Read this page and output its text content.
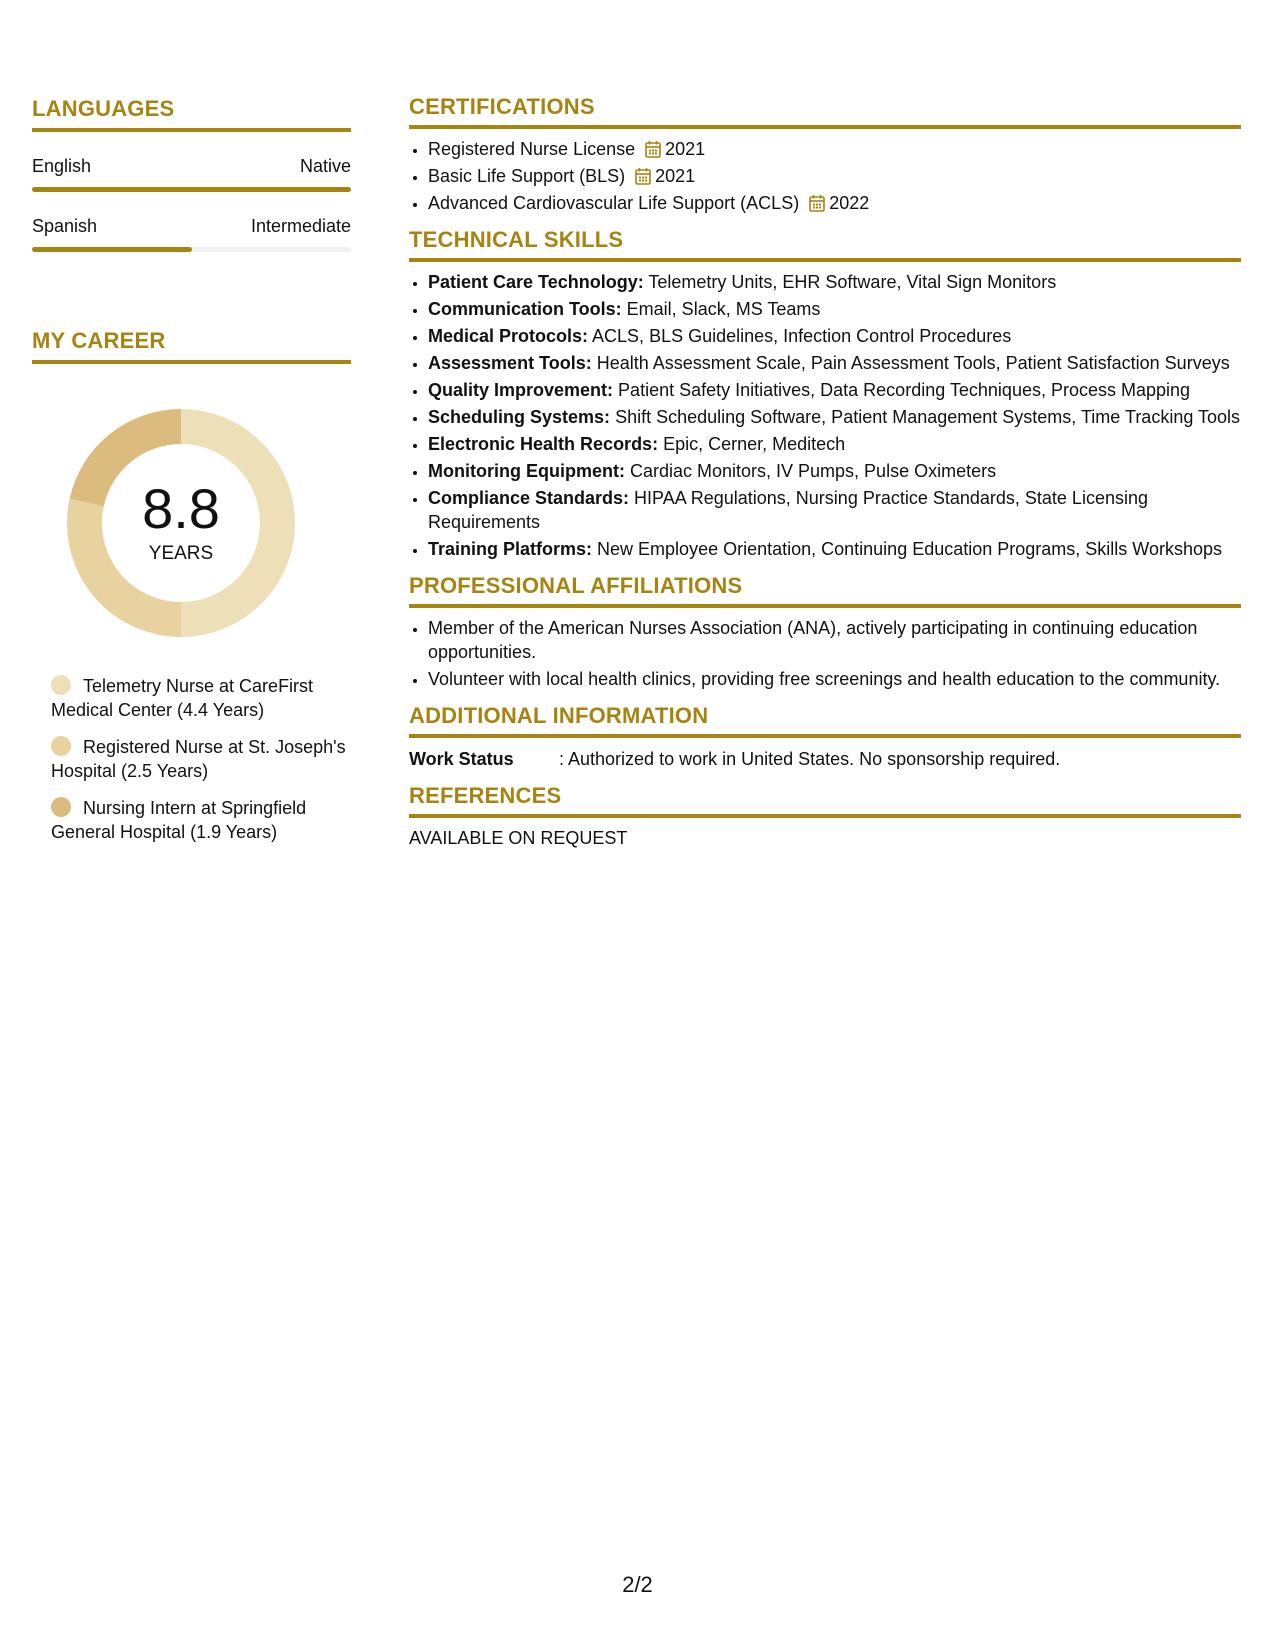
LANGUAGES
English	Native
Spanish	Intermediate
MY CAREER
8.8
YEARS
Telemetry Nurse at CareFirst Medical Center (4.4 Years)
Registered Nurse at St. Joseph's Hospital (2.5 Years)
Nursing Intern at Springfield General Hospital (1.9 Years)
CERTIFICATIONS
• Registered Nurse License 2021
• Basic Life Support (BLS) 2021
• Advanced Cardiovascular Life Support (ACLS) 2022
TECHNICAL SKILLS
• Patient Care Technology: Telemetry Units, EHR Software, Vital Sign Monitors
• Communication Tools: Email, Slack, MS Teams
• Medical Protocols: ACLS, BLS Guidelines, Infection Control Procedures
• Assessment Tools: Health Assessment Scale, Pain Assessment Tools, Patient Satisfaction Surveys
• Quality Improvement: Patient Safety Initiatives, Data Recording Techniques, Process Mapping
• Scheduling Systems: Shift Scheduling Software, Patient Management Systems, Time Tracking Tools
• Electronic Health Records: Epic, Cerner, Meditech
• Monitoring Equipment: Cardiac Monitors, IV Pumps, Pulse Oximeters
• Compliance Standards: HIPAA Regulations, Nursing Practice Standards, State Licensing Requirements
• Training Platforms: New Employee Orientation, Continuing Education Programs, Skills Workshops
PROFESSIONAL AFFILIATIONS
• Member of the American Nurses Association (ANA), actively participating in continuing education opportunities.
• Volunteer with local health clinics, providing free screenings and health education to the community.
ADDITIONAL INFORMATION
Work Status	: Authorized to work in United States. No sponsorship required.
REFERENCES
AVAILABLE ON REQUEST
2/2
